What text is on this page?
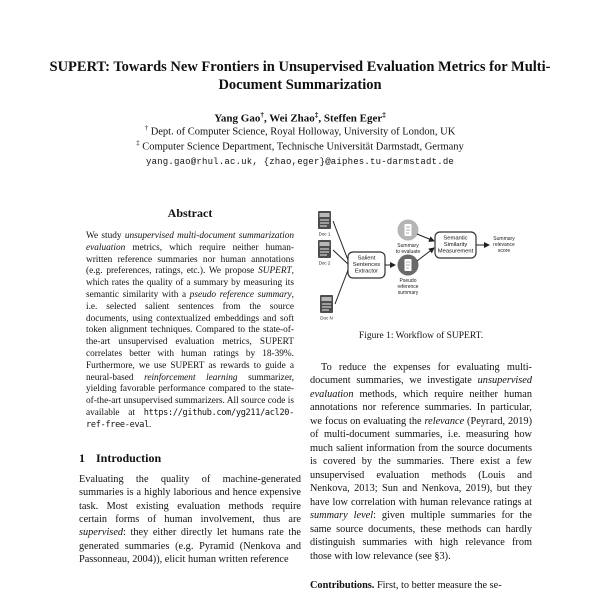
SUPERT: Towards New Frontiers in Unsupervised Evaluation Metrics for Multi-Document Summarization
Yang Gao†, Wei Zhao‡, Steffen Eger‡
† Dept. of Computer Science, Royal Holloway, University of London, UK
‡ Computer Science Department, Technische Universität Darmstadt, Germany
yang.gao@rhul.ac.uk, {zhao,eger}@aiphes.tu-darmstadt.de
Abstract

We study unsupervised multi-document summarization evaluation metrics, which require neither human-written reference summaries nor human annotations (e.g. preferences, ratings, etc.). We propose SUPERT, which rates the quality of a summary by measuring its semantic similarity with a pseudo reference summary, i.e. selected salient sentences from the source documents, using contextualized embeddings and soft token alignment techniques. Compared to the state-of-the-art unsupervised evaluation metrics, SUPERT correlates better with human ratings by 18-39%. Furthermore, we use SUPERT as rewards to guide a neural-based reinforcement learning summarizer, yielding favorable performance compared to the state-of-the-art unsupervised summarizers. All source code is available at https://github.com/yg211/acl20-ref-free-eval.

1 Introduction

Evaluating the quality of machine-generated summaries is a highly laborious and hence expensive task. Most existing evaluation methods require certain forms of human involvement, thus are supervised: they either directly let humans rate the generated summaries (e.g. Pyramid (Nenkova and Passonneau, 2004)), elicit human written reference

Doc 1
Doc 2
Doc N
Salient
Sentences
Extractor
Summary
to evaluate
Pseudo
reference
summary
Semantic
Similarity
Measurement
Summary
relevance
score
Figure 1: Workflow of SUPERT.

To reduce the expenses for evaluating multi-document summaries, we investigate unsupervised evaluation methods, which require neither human annotations nor reference summaries. In particular, we focus on evaluating the relevance (Peyrard, 2019) of multi-document summaries, i.e. measuring how much salient information from the source documents is covered by the summaries. There exist a few unsupervised evaluation methods (Louis and Nenkova, 2013; Sun and Nenkova, 2019), but they have low correlation with human relevance ratings at summary level: given multiple summaries for the same source documents, these methods can hardly distinguish summaries with high relevance from those with low relevance (see §3).

Contributions. First, to better measure the se-
